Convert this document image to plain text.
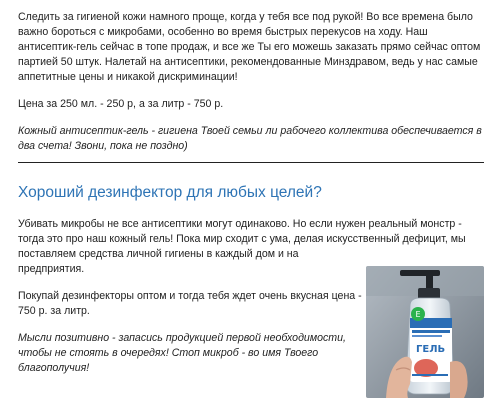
Следить за гигиеной кожи намного проще, когда у тебя все под рукой! Во все времена было важно бороться с микробами, особенно во время быстрых перекусов на ходу. Наш антисептик-гель сейчас в топе продаж, и все же Ты его можешь заказать прямо сейчас оптом партией 50 штук. Налетай на антисептики, рекомендованные Минздравом, ведь у нас самые аппетитные цены и никакой дискриминации!

Цена за 250 мл. - 250 р, а за литр - 750 р.

Кожный антисептик-гель - гигиена Твоей семьи ли рабочего коллектива обеспечивается в два счета! Звони, пока не поздно)

Хороший дезинфектор для любых целей?

Убивать микробы не все антисептики могут одинаково. Но если нужен реальный монстр - тогда это про наш кожный гель! Пока мир сходит с ума, делая искусственный дефицит, мы поставляем средства личной гигиены в каждый дом и на

предприятия.

Покупай дезинфекторы оптом и тогда тебя ждет очень вкусная цена - 750 р. за литр.

Мысли позитивно - запасись продукцией первой необходимости, чтобы не стоять в очередях! Стоп микроб - во имя Твоего благополучия!

Е
ГЕЛЬ
